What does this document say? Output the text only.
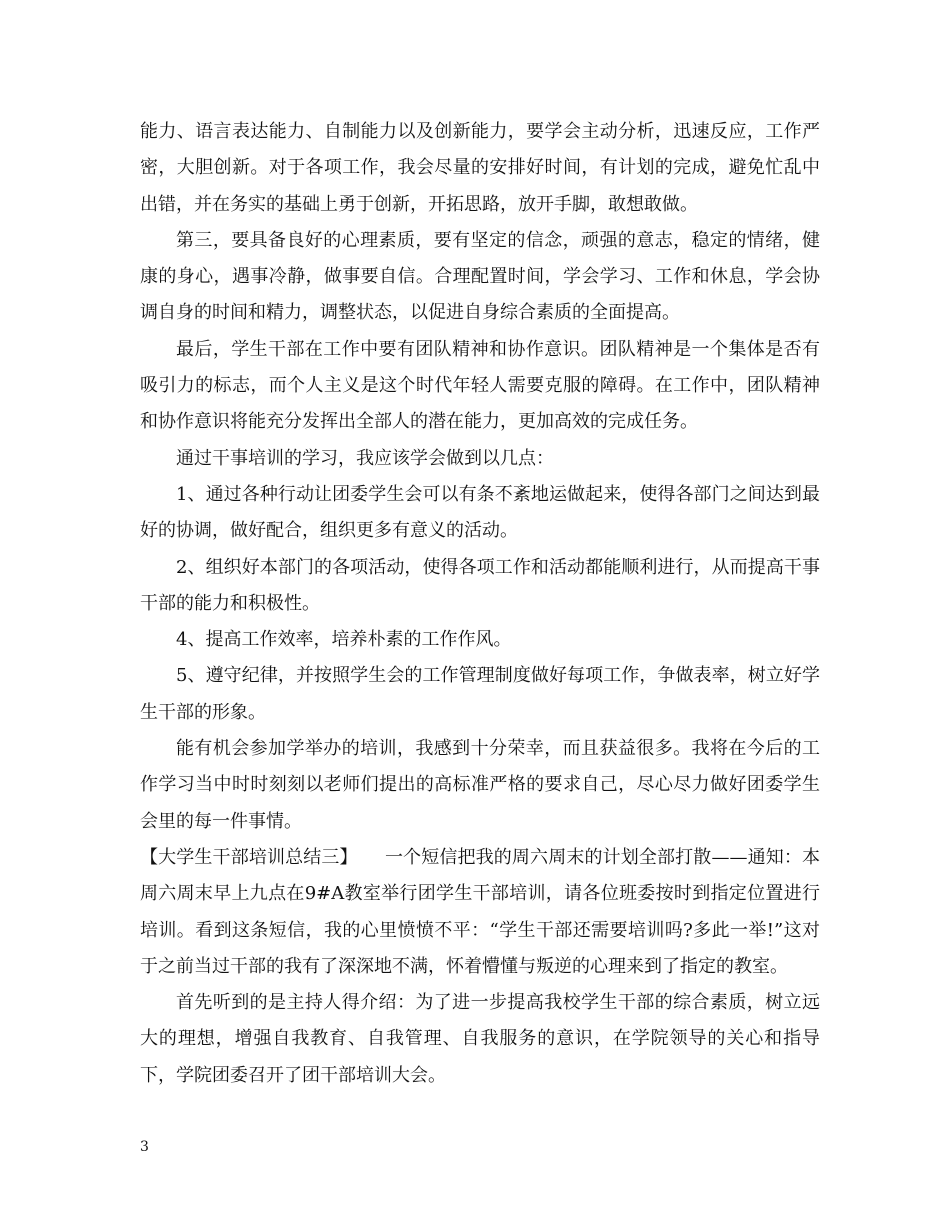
能力、语言表达能力、自制能力以及创新能力，要学会主动分析，迅速反应，工作严密，大胆创新。对于各项工作，我会尽量的安排好时间，有计划的完成，避免忙乱中出错，并在务实的基础上勇于创新，开拓思路，放开手脚，敢想敢做。

第三，要具备良好的心理素质，要有坚定的信念，顽强的意志，稳定的情绪，健康的身心，遇事冷静，做事要自信。合理配置时间，学会学习、工作和休息，学会协调自身的时间和精力，调整状态，以促进自身综合素质的全面提高。

最后，学生干部在工作中要有团队精神和协作意识。团队精神是一个集体是否有吸引力的标志，而个人主义是这个时代年轻人需要克服的障碍。在工作中，团队精神和协作意识将能充分发挥出全部人的潜在能力，更加高效的完成任务。

通过干事培训的学习，我应该学会做到以几点：

1、通过各种行动让团委学生会可以有条不紊地运做起来，使得各部门之间达到最好的协调，做好配合，组织更多有意义的活动。

2、组织好本部门的各项活动，使得各项工作和活动都能顺利进行，从而提高干事干部的能力和积极性。

4、提高工作效率，培养朴素的工作作风。

5、遵守纪律，并按照学生会的工作管理制度做好每项工作，争做表率，树立好学生干部的形象。

能有机会参加学举办的培训，我感到十分荣幸，而且获益很多。我将在今后的工作学习当中时时刻刻以老师们提出的高标准严格的要求自己，尽心尽力做好团委学生会里的每一件事情。

【大学生干部培训总结三】　　一个短信把我的周六周末的计划全部打散——通知：本周六周末早上九点在9#A教室举行团学生干部培训，请各位班委按时到指定位置进行培训。看到这条短信，我的心里愤愤不平：“学生干部还需要培训吗?多此一举!”这对于之前当过干部的我有了深深地不满，怀着懵懂与叛逆的心理来到了指定的教室。

首先听到的是主持人得介绍：为了进一步提高我校学生干部的综合素质，树立远大的理想，增强自我教育、自我管理、自我服务的意识，在学院领导的关心和指导下，学院团委召开了团干部培训大会。

3
